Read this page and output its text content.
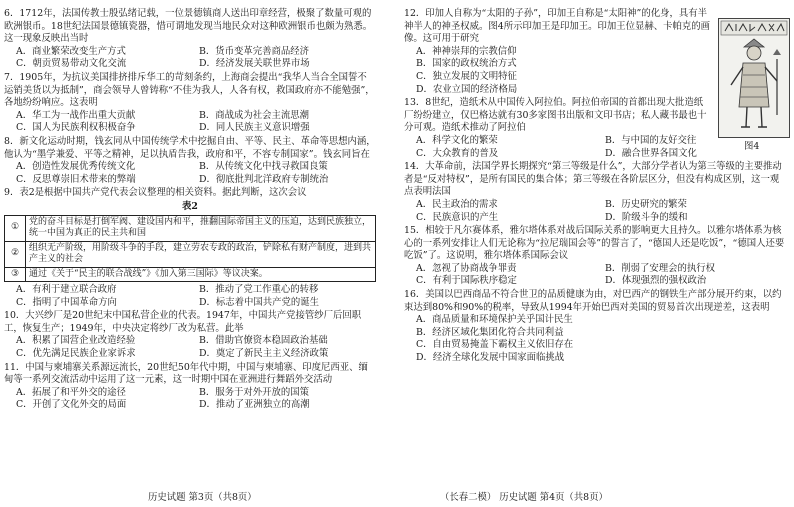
6．1712年，法国传教士殷弘绪记载，一位景德镇商人送出印章经营，极聚了数量可观的欧洲银币。18世纪法国景德镇瓷器，惜可谓地发现当地民众对这种欧洲银币也颇为熟悉。这一现象反映出当时

A．商业繁荣改变生产方式	B．货币变革完善商品经济
C．朝贡贸易带动文化交流	D．经济发展关联世界市场

7．1905年，为抗议美国排挤排斥华工的苛刻条约，上海商会提出“我华人当合全国誓不运销美货以为抵制”，商会领导人曾铸称“不佳为我人，人各有权，救国政府亦不能勉强”，各地纷纷响应。这表明

A．华工为一战作出重大贡献	B．商战成为社会主流思潮
C．国人为民族利权积极奋争	D．同人民族主义意识增强

8．新文化运动时期，钱玄同从中国传统学术中挖掘自由、平等、民主、革命等思想内涵，他认为“墨学兼爱、平等之精神，足以执盾告我，政府和平，不容专制国家”。钱玄同旨在

A．创造性发展优秀传统文化	B．从传统文化中找寻救国良策
C．反思尊崇旧术带来的弊端	D．彻底批判北洋政府专制统治

9．表2是根据中国共产党代表会议整理的相关资料。据此判断，这次会议

表2
①	党的奋斗目标是打倒军阀、建设国内和平，推翻国际帝国主义的压迫，达到民族独立，统一中国为真正的民主共和国
②	组织无产阶级，用阶级斗争的手段，建立劳农专政的政治，铲除私有财产制度，进到共产主义的社会
③	通过《关于“民主的联合战线”》《加入第三国际》等议决案。
A．有利于建立联合政府	B．推动了党工作重心的转移
C．指明了中国革命方向	D．标志着中国共产党的诞生

10．大兴纱厂是20世纪末中国私营企业的代表。1947年，中国共产党接管纱厂后回职工，恢复生产；1949年，中央决定将纱厂改为私营。此举

A．积累了国营企业改造经验	B．借助官僚资本稳固政治基础
C．优先满足民族企业家诉求	D．奠定了新民主主义经济政策

11．中国与柬埔寨关系源远流长，20世纪50年代中期，中国与柬埔寨、印度尼西亚、缅甸等一系列交流活动中运用了这一元素，这一时期中国在亚洲进行舞蹈外交活动

A．拓展了和平外交的途径	B．服务于对外开放的国策
C．开创了文化外交的局面	D．推动了亚洲独立的高潮
历史试题 第3页（共8页）

12．印加人自称为“太阳的子孙”，印加王自称是“太阳神”的化身，具有半神半人的神圣权威。图4所示印加王是印加王。印加王位显赫、卡帕克的画像。这可用于研究

A．神神崇拜的宗教信仰
B．国家的政权统治方式
C．独立发展的文明特征
D．农业立国的经济格局

13．8世纪，造纸术从中国传入阿拉伯。阿拉伯帝国的首都出现大批造纸厂纷纷建立，仅巴格达就有30多家图书出版和文印书店；私人藏书最也十分可观。造纸术推动了阿拉伯

A．科学文化的繁荣	B．与中国的友好交往
C．大众教育的普及	D．融合世界各国文化

14．大革命前，法国学界长期探究“第三等级是什么”，大部分学者认为第三等级的主要推动者是“反对特权”，是所有国民的集合体；第三等级在各阶层区分，但没有构成区别，这一观点表明法国

A．民主政治的需求	B．历史研究的繁荣
C．民族意识的产生	D．阶级斗争的缓和

15．相较于凡尔赛体系，雅尔塔体系对战后国际关系的影响更大且持久。以雅尔塔体系为核心的一系列安排让人们无论称为“拉尼瑞国会等”的誓言了，“德国人还是吃饭”，“德国人还要吃饭”了。这说明，雅尔塔体系国际会议

A．忽视了协商战争罪责	B．削弱了安理会的执行权
C．有利于国际秩序稳定	D．体现强烈的强权政治

16．美国以巴西商品不符合世卫的品质健康为由，对巴西产的钢铁生产部分展开约束，以约束达到80%和90%的税率，导致从1994年开始巴西对美国的贸易首次出现逆差，这表明

A．商品质量和环境保护关乎国计民生
B．经济区域化集团化符合共同利益
C．自由贸易掩盖下霸权主义依旧存在
D．经济全球化发展中国家面临挑战
图4
（长春二模） 历史试题 第4页（共8页）
